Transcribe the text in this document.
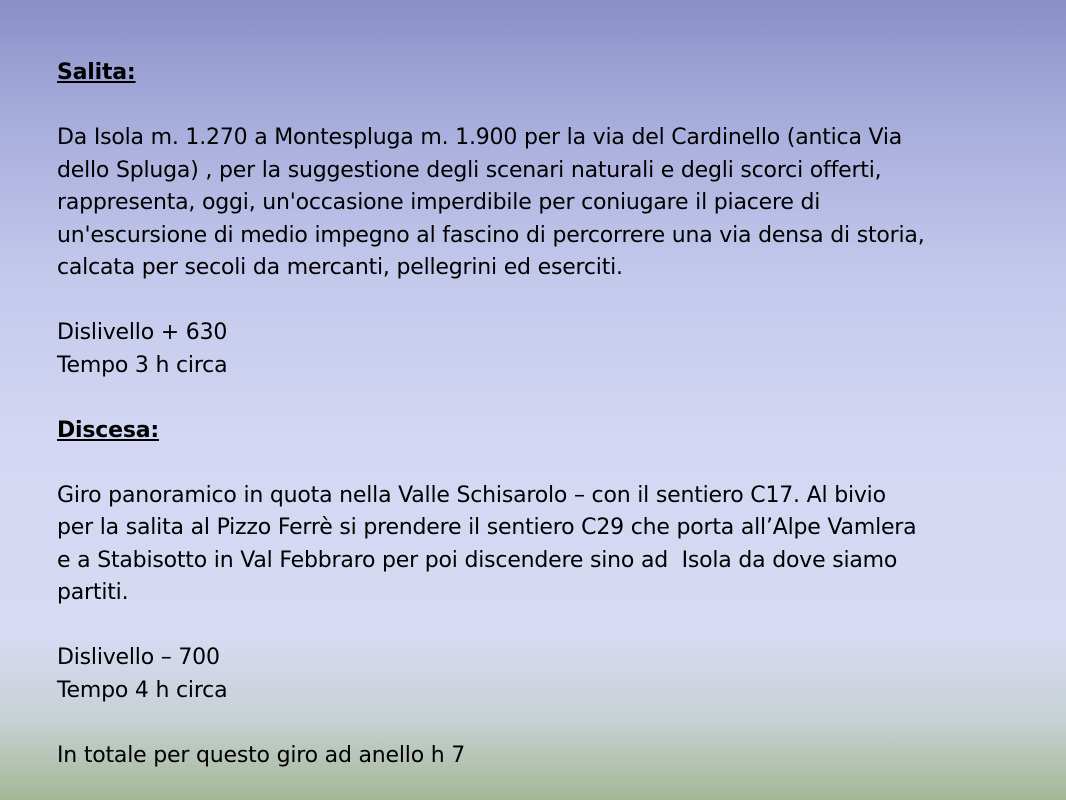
Salita:
Da Isola m. 1.270 a Montespluga m. 1.900 per la via del Cardinello (antica Via
dello Spluga) , per la suggestione degli scenari naturali e degli scorci offerti,
rappresenta, oggi, un'occasione imperdibile per coniugare il piacere di
un'escursione di medio impegno al fascino di percorrere una via densa di storia,
calcata per secoli da mercanti, pellegrini ed eserciti.
Dislivello + 630
Tempo 3 h circa
Discesa:
Giro panoramico in quota nella Valle Schisarolo – con il sentiero C17. Al bivio
per la salita al Pizzo Ferrè si prendere il sentiero C29 che porta all’Alpe Vamlera
e a Stabisotto in Val Febbraro per poi discendere sino ad  Isola da dove siamo
partiti.
Dislivello – 700
Tempo 4 h circa
In totale per questo giro ad anello h 7
